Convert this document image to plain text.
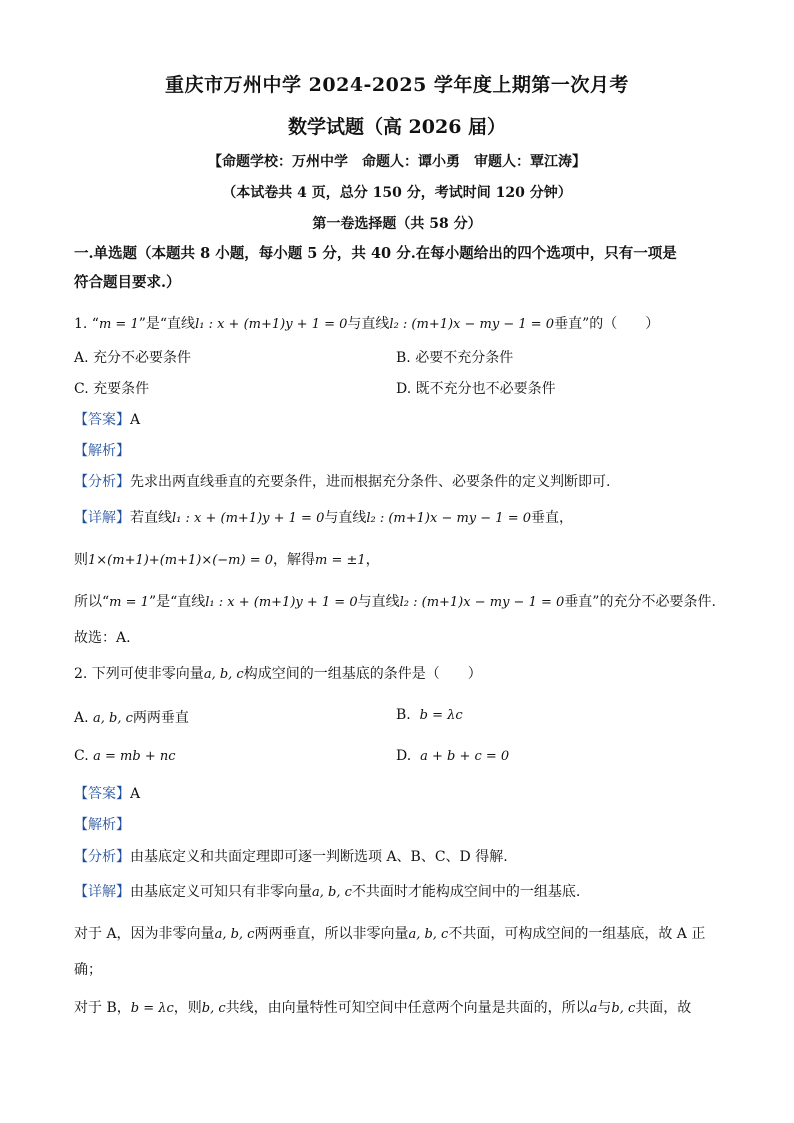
重庆市万州中学 2024-2025 学年度上期第一次月考
数学试题（高 2026 届）
【命题学校：万州中学　命题人：谭小勇　审题人：覃江涛】
（本试卷共 4 页，总分 150 分，考试时间 120 分钟）
第一卷选择题（共 58 分）
一.单选题（本题共 8 小题，每小题 5 分，共 40 分.在每小题给出的四个选项中，只有一项是
符合题目要求.）
1. “m = 1”是“直线l₁ : x + (m+1)y + 1 = 0与直线l₂ : (m+1)x − my − 1 = 0垂直”的（　　）
A. 充分不必要条件	B. 必要不充分条件
C. 充要条件	D. 既不充分也不必要条件
【答案】A
【解析】
【分析】先求出两直线垂直的充要条件，进而根据充分条件、必要条件的定义判断即可.
【详解】若直线l₁ : x + (m+1)y + 1 = 0与直线l₂ : (m+1)x − my − 1 = 0垂直，
则1×(m+1)+(m+1)×(−m) = 0，解得m = ±1，
所以“m = 1”是“直线l₁ : x + (m+1)y + 1 = 0与直线l₂ : (m+1)x − my − 1 = 0垂直”的充分不必要条件.
故选：A.
2. 下列可使非零向量a, b, c构成空间的一组基底的条件是（　　）
A. a, b, c两两垂直	B. b = λc
C. a = mb + nc	D. a + b + c = 0
【答案】A
【解析】
【分析】由基底定义和共面定理即可逐一判断选项 A、B、C、D 得解.
【详解】由基底定义可知只有非零向量a, b, c不共面时才能构成空间中的一组基底.
对于 A，因为非零向量a, b, c两两垂直，所以非零向量a, b, c不共面，可构成空间的一组基底，故 A 正
确；
对于 B，b = λc，则b, c共线，由向量特性可知空间中任意两个向量是共面的，所以a与b, c共面，故
